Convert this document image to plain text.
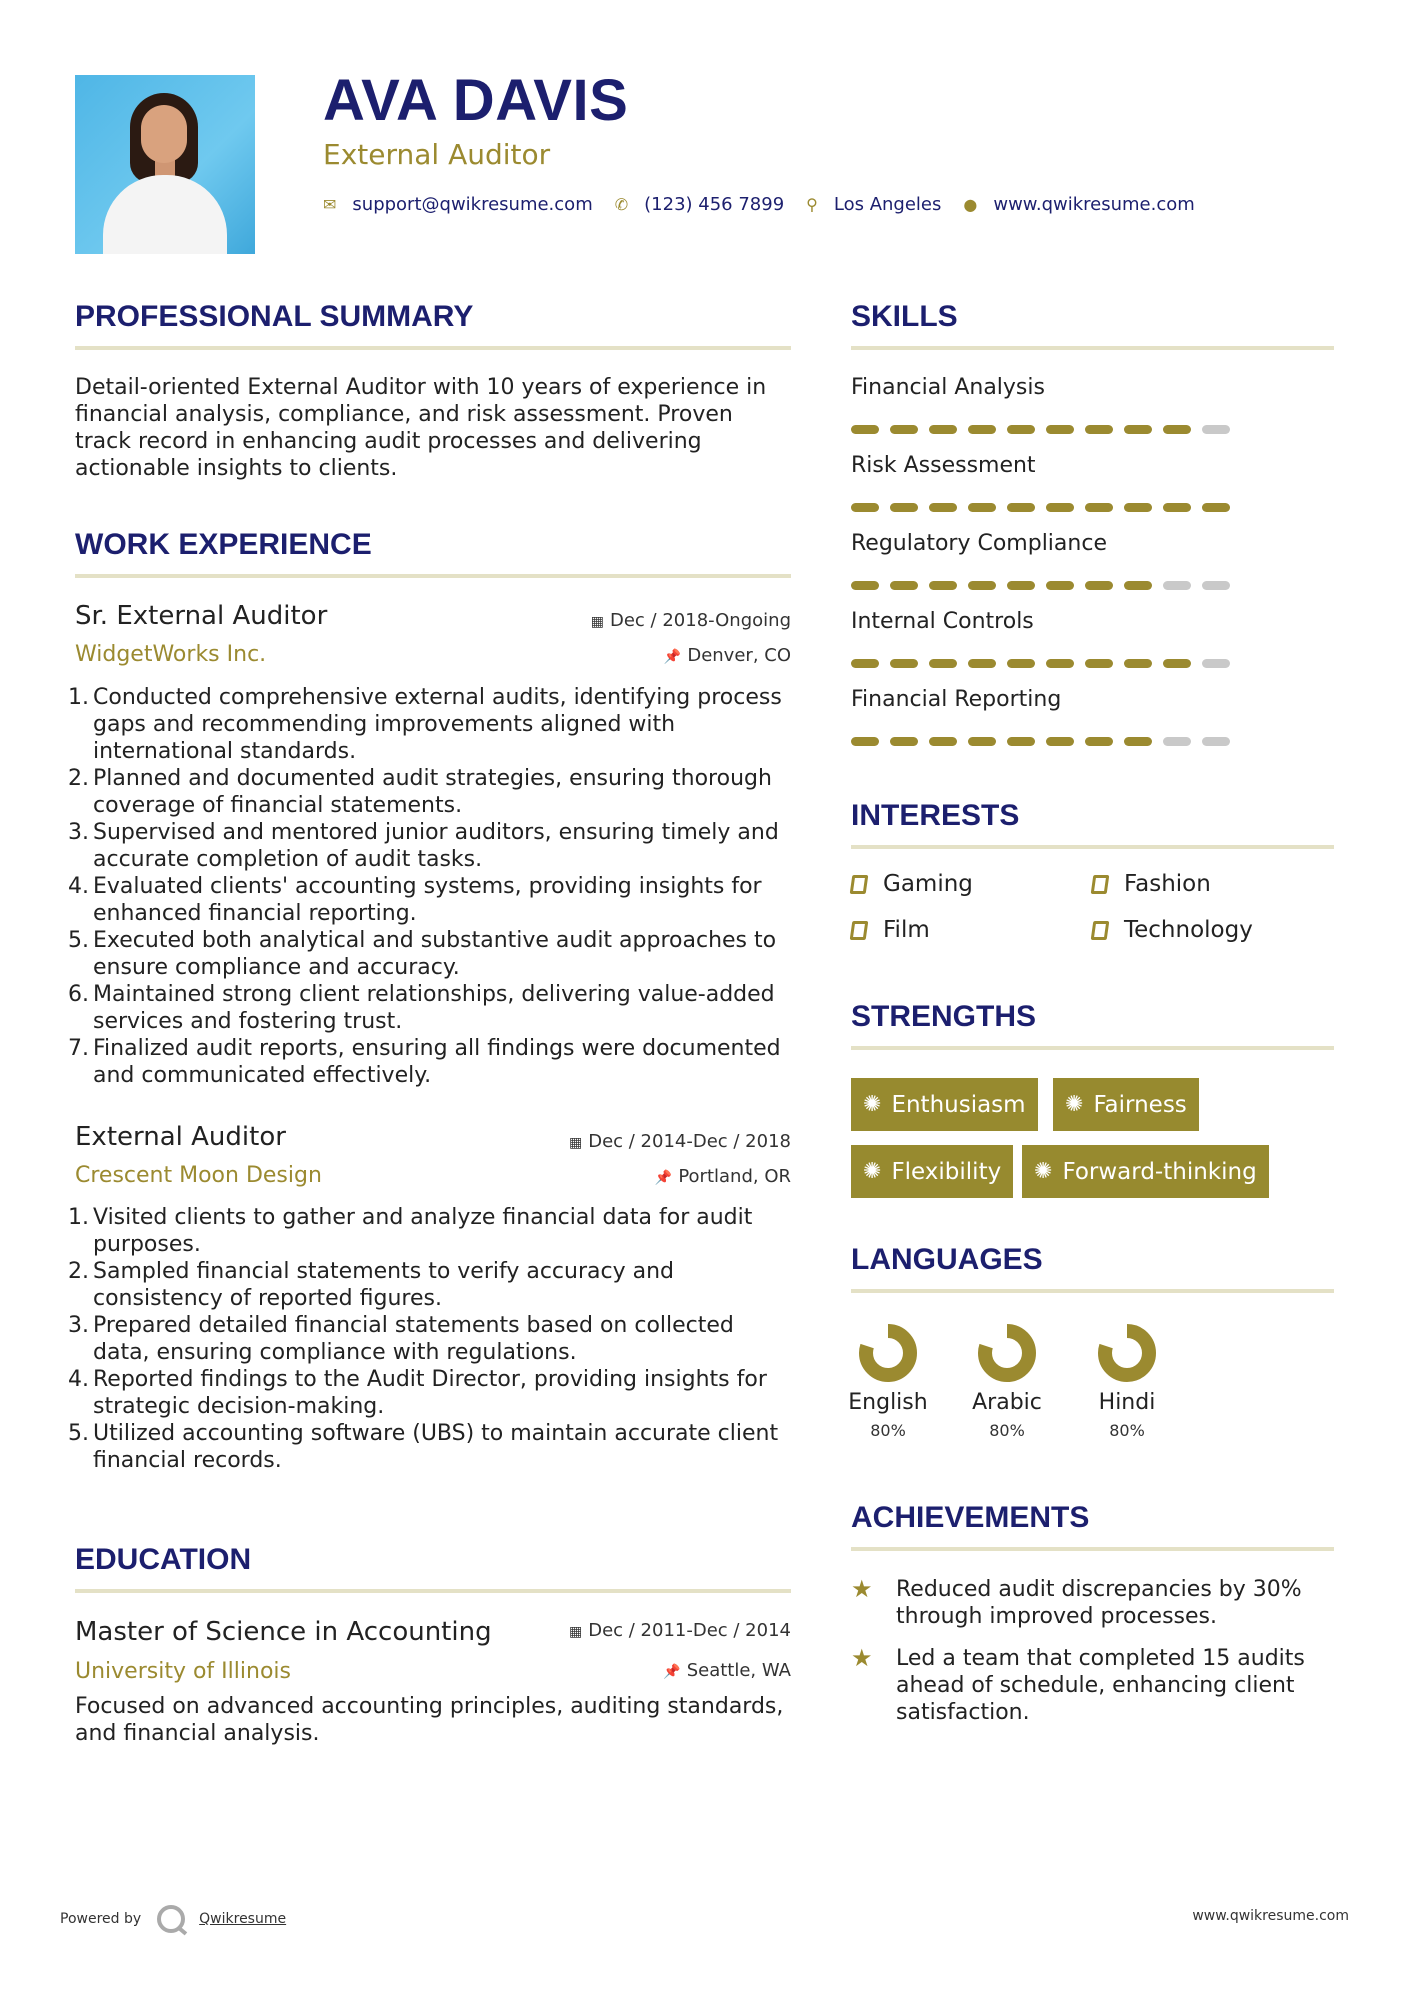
AVA DAVIS
External Auditor
✉ support@qwikresume.com ✆ (123) 456 7899 ⚲ Los Angeles ● www.qwikresume.com
PROFESSIONAL SUMMARY
Detail-oriented External Auditor with 10 years of experience in financial analysis, compliance, and risk assessment. Proven track record in enhancing audit processes and delivering actionable insights to clients.
WORK EXPERIENCE
Sr. External Auditor	▦ Dec / 2018-Ongoing
WidgetWorks Inc.	📌 Denver, CO
1. Conducted comprehensive external audits, identifying process gaps and recommending improvements aligned with international standards.
2. Planned and documented audit strategies, ensuring thorough coverage of financial statements.
3. Supervised and mentored junior auditors, ensuring timely and accurate completion of audit tasks.
4. Evaluated clients' accounting systems, providing insights for enhanced financial reporting.
5. Executed both analytical and substantive audit approaches to ensure compliance and accuracy.
6. Maintained strong client relationships, delivering value-added services and fostering trust.
7. Finalized audit reports, ensuring all findings were documented and communicated effectively.
External Auditor	▦ Dec / 2014-Dec / 2018
Crescent Moon Design	📌 Portland, OR
1. Visited clients to gather and analyze financial data for audit purposes.
2. Sampled financial statements to verify accuracy and consistency of reported figures.
3. Prepared detailed financial statements based on collected data, ensuring compliance with regulations.
4. Reported findings to the Audit Director, providing insights for strategic decision-making.
5. Utilized accounting software (UBS) to maintain accurate client financial records.
EDUCATION
Master of Science in Accounting	▦ Dec / 2011-Dec / 2014
University of Illinois	📌 Seattle, WA
Focused on advanced accounting principles, auditing standards, and financial analysis.
SKILLS
Financial Analysis
Risk Assessment
Regulatory Compliance
Internal Controls
Financial Reporting
INTERESTS
Gaming	Fashion
Film	Technology
STRENGTHS
✺ Enthusiasm ✺ Fairness
✺ Flexibility ✺ Forward-thinking
LANGUAGES
English
80%
Arabic
80%
Hindi
80%
ACHIEVEMENTS
★	Reduced audit discrepancies by 30% through improved processes.
★	Led a team that completed 15 audits ahead of schedule, enhancing client satisfaction.
Powered by	Qwikresume	www.qwikresume.com
